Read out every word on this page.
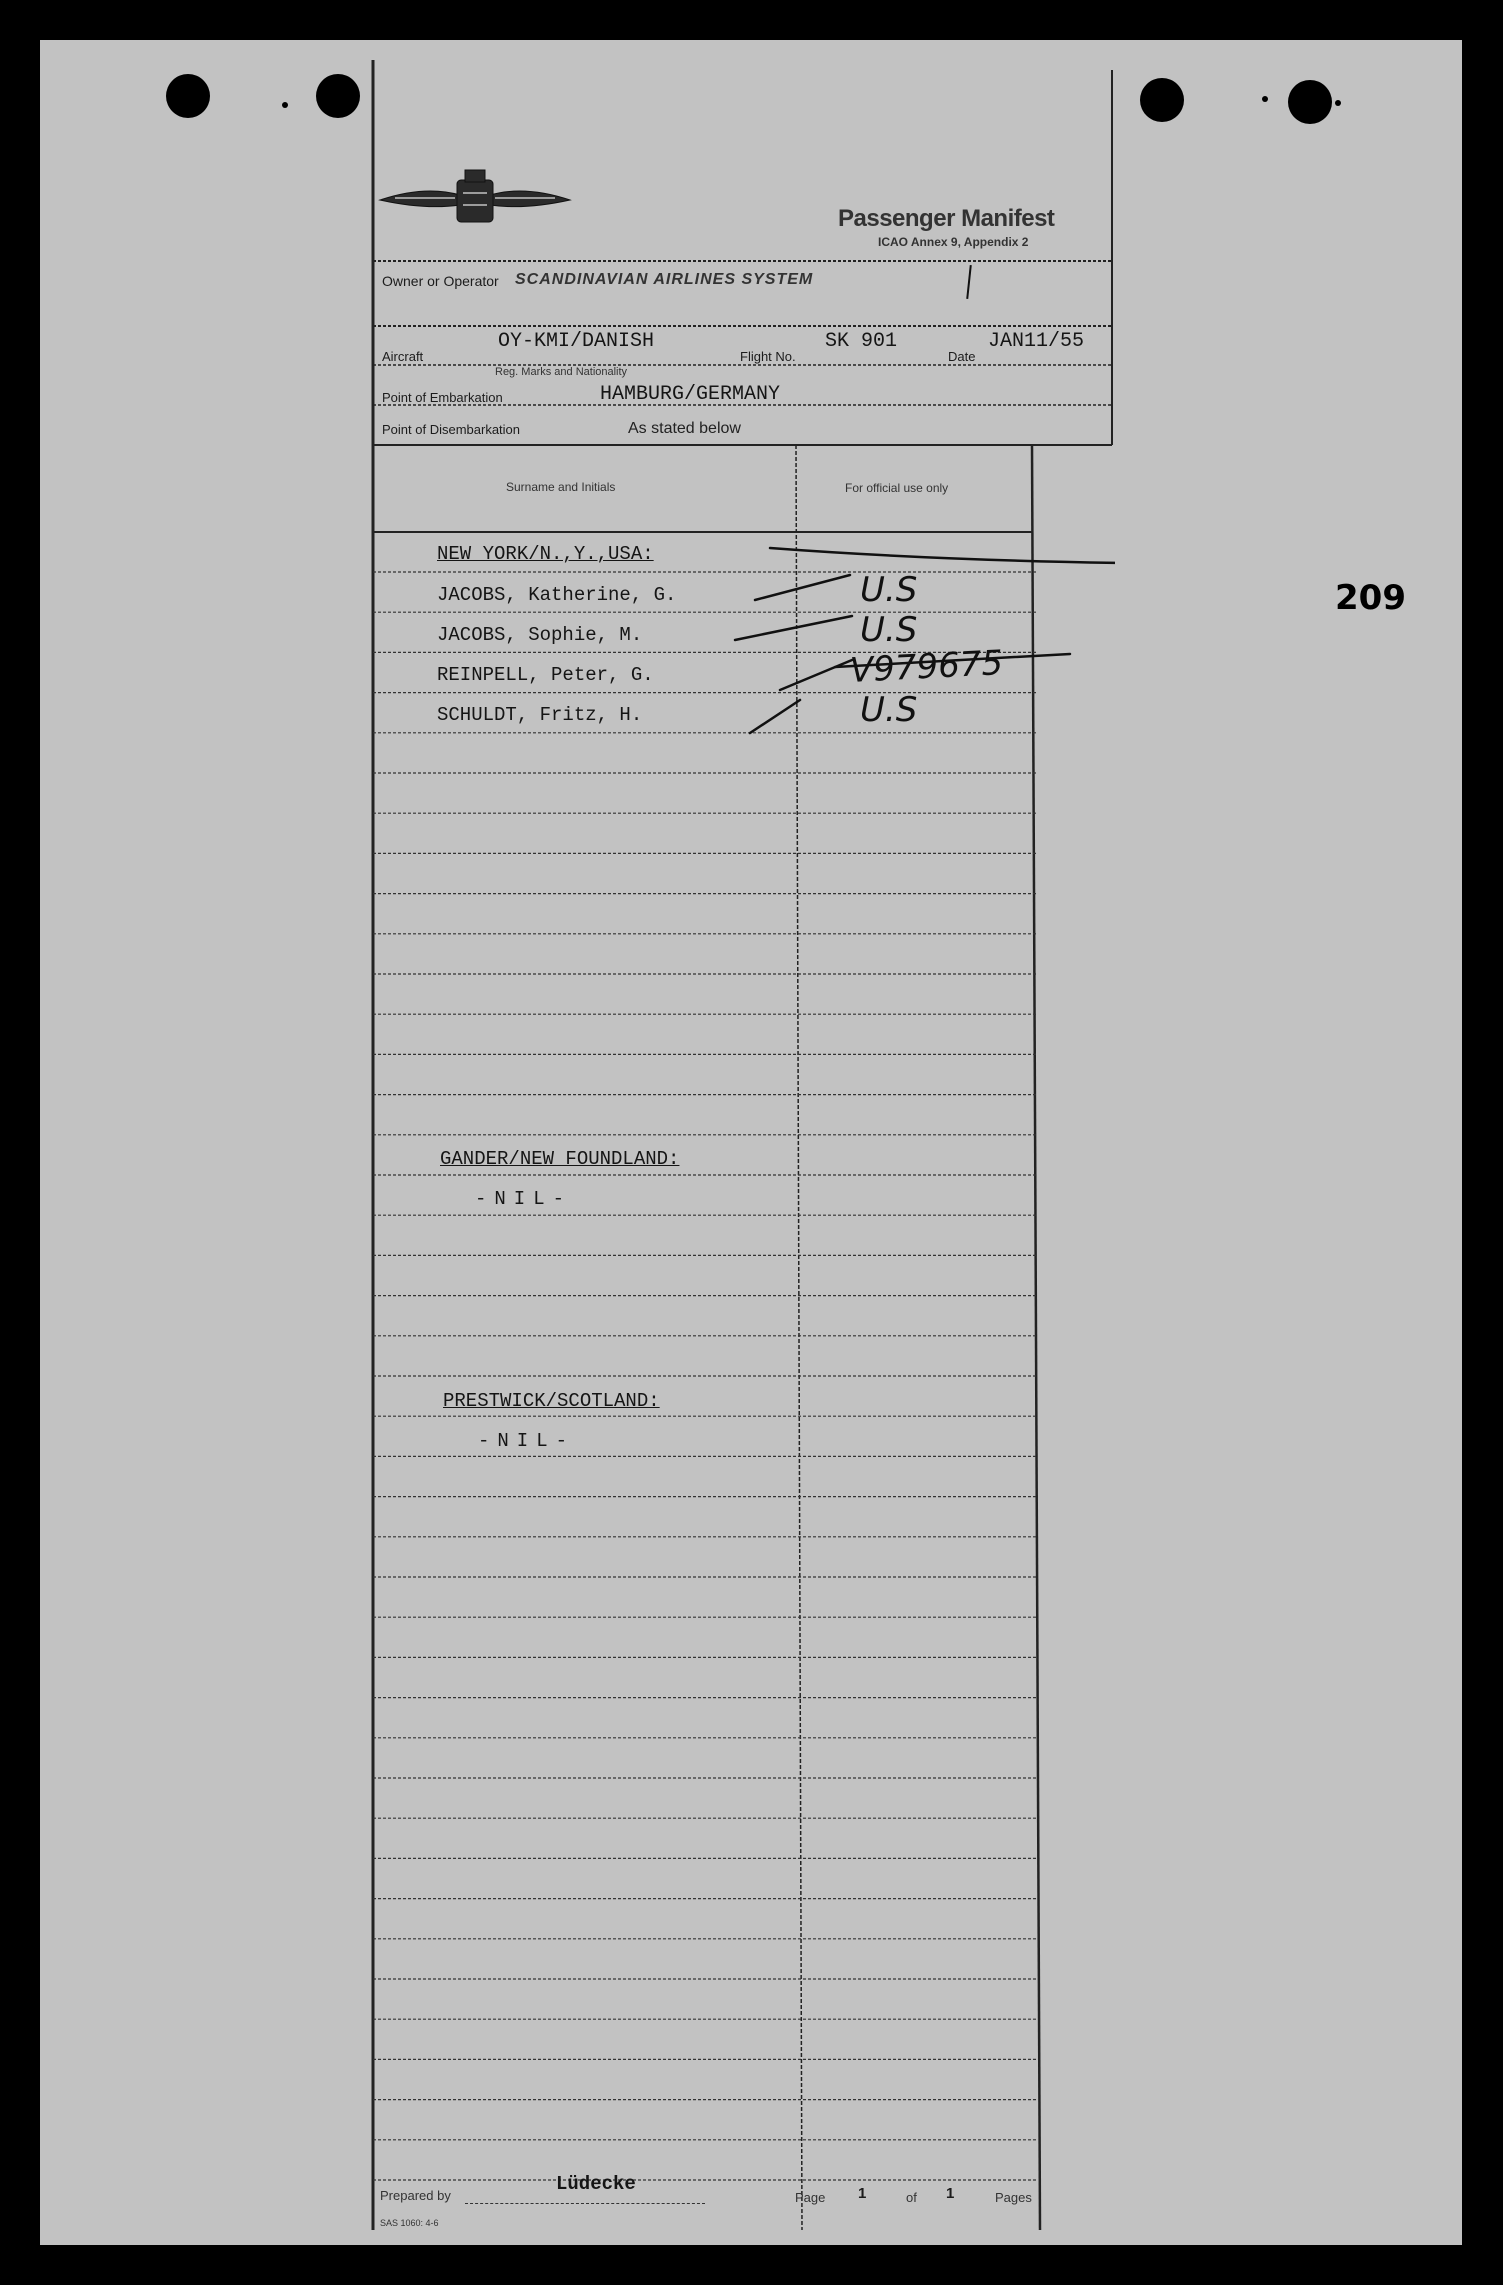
209
Passenger Manifest
ICAO Annex 9, Appendix 2
Owner or Operator SCANDINAVIAN AIRLINES SYSTEM
Aircraft
OY-KMI/DANISH
Reg. Marks and Nationality
Flight No.
SK 901
Date
JAN11/55
Point of Embarkation	HAMBURG/GERMANY
Point of Disembarkation	As stated below
Surname and Initials	For official use only
NEW YORK/N.,Y.,USA:
JACOBS, Katherine, G.	U.S
JACOBS, Sophie, M.	U.S
REINPELL, Peter, G.	V979675
SCHULDT, Fritz, H.	U.S
GANDER/NEW FOUNDLAND:
-NIL-
PRESTWICK/SCOTLAND:
-NIL-
Prepared by
Lüdecke
Page 1	of 1	Pages
SAS 1060: 4-6
